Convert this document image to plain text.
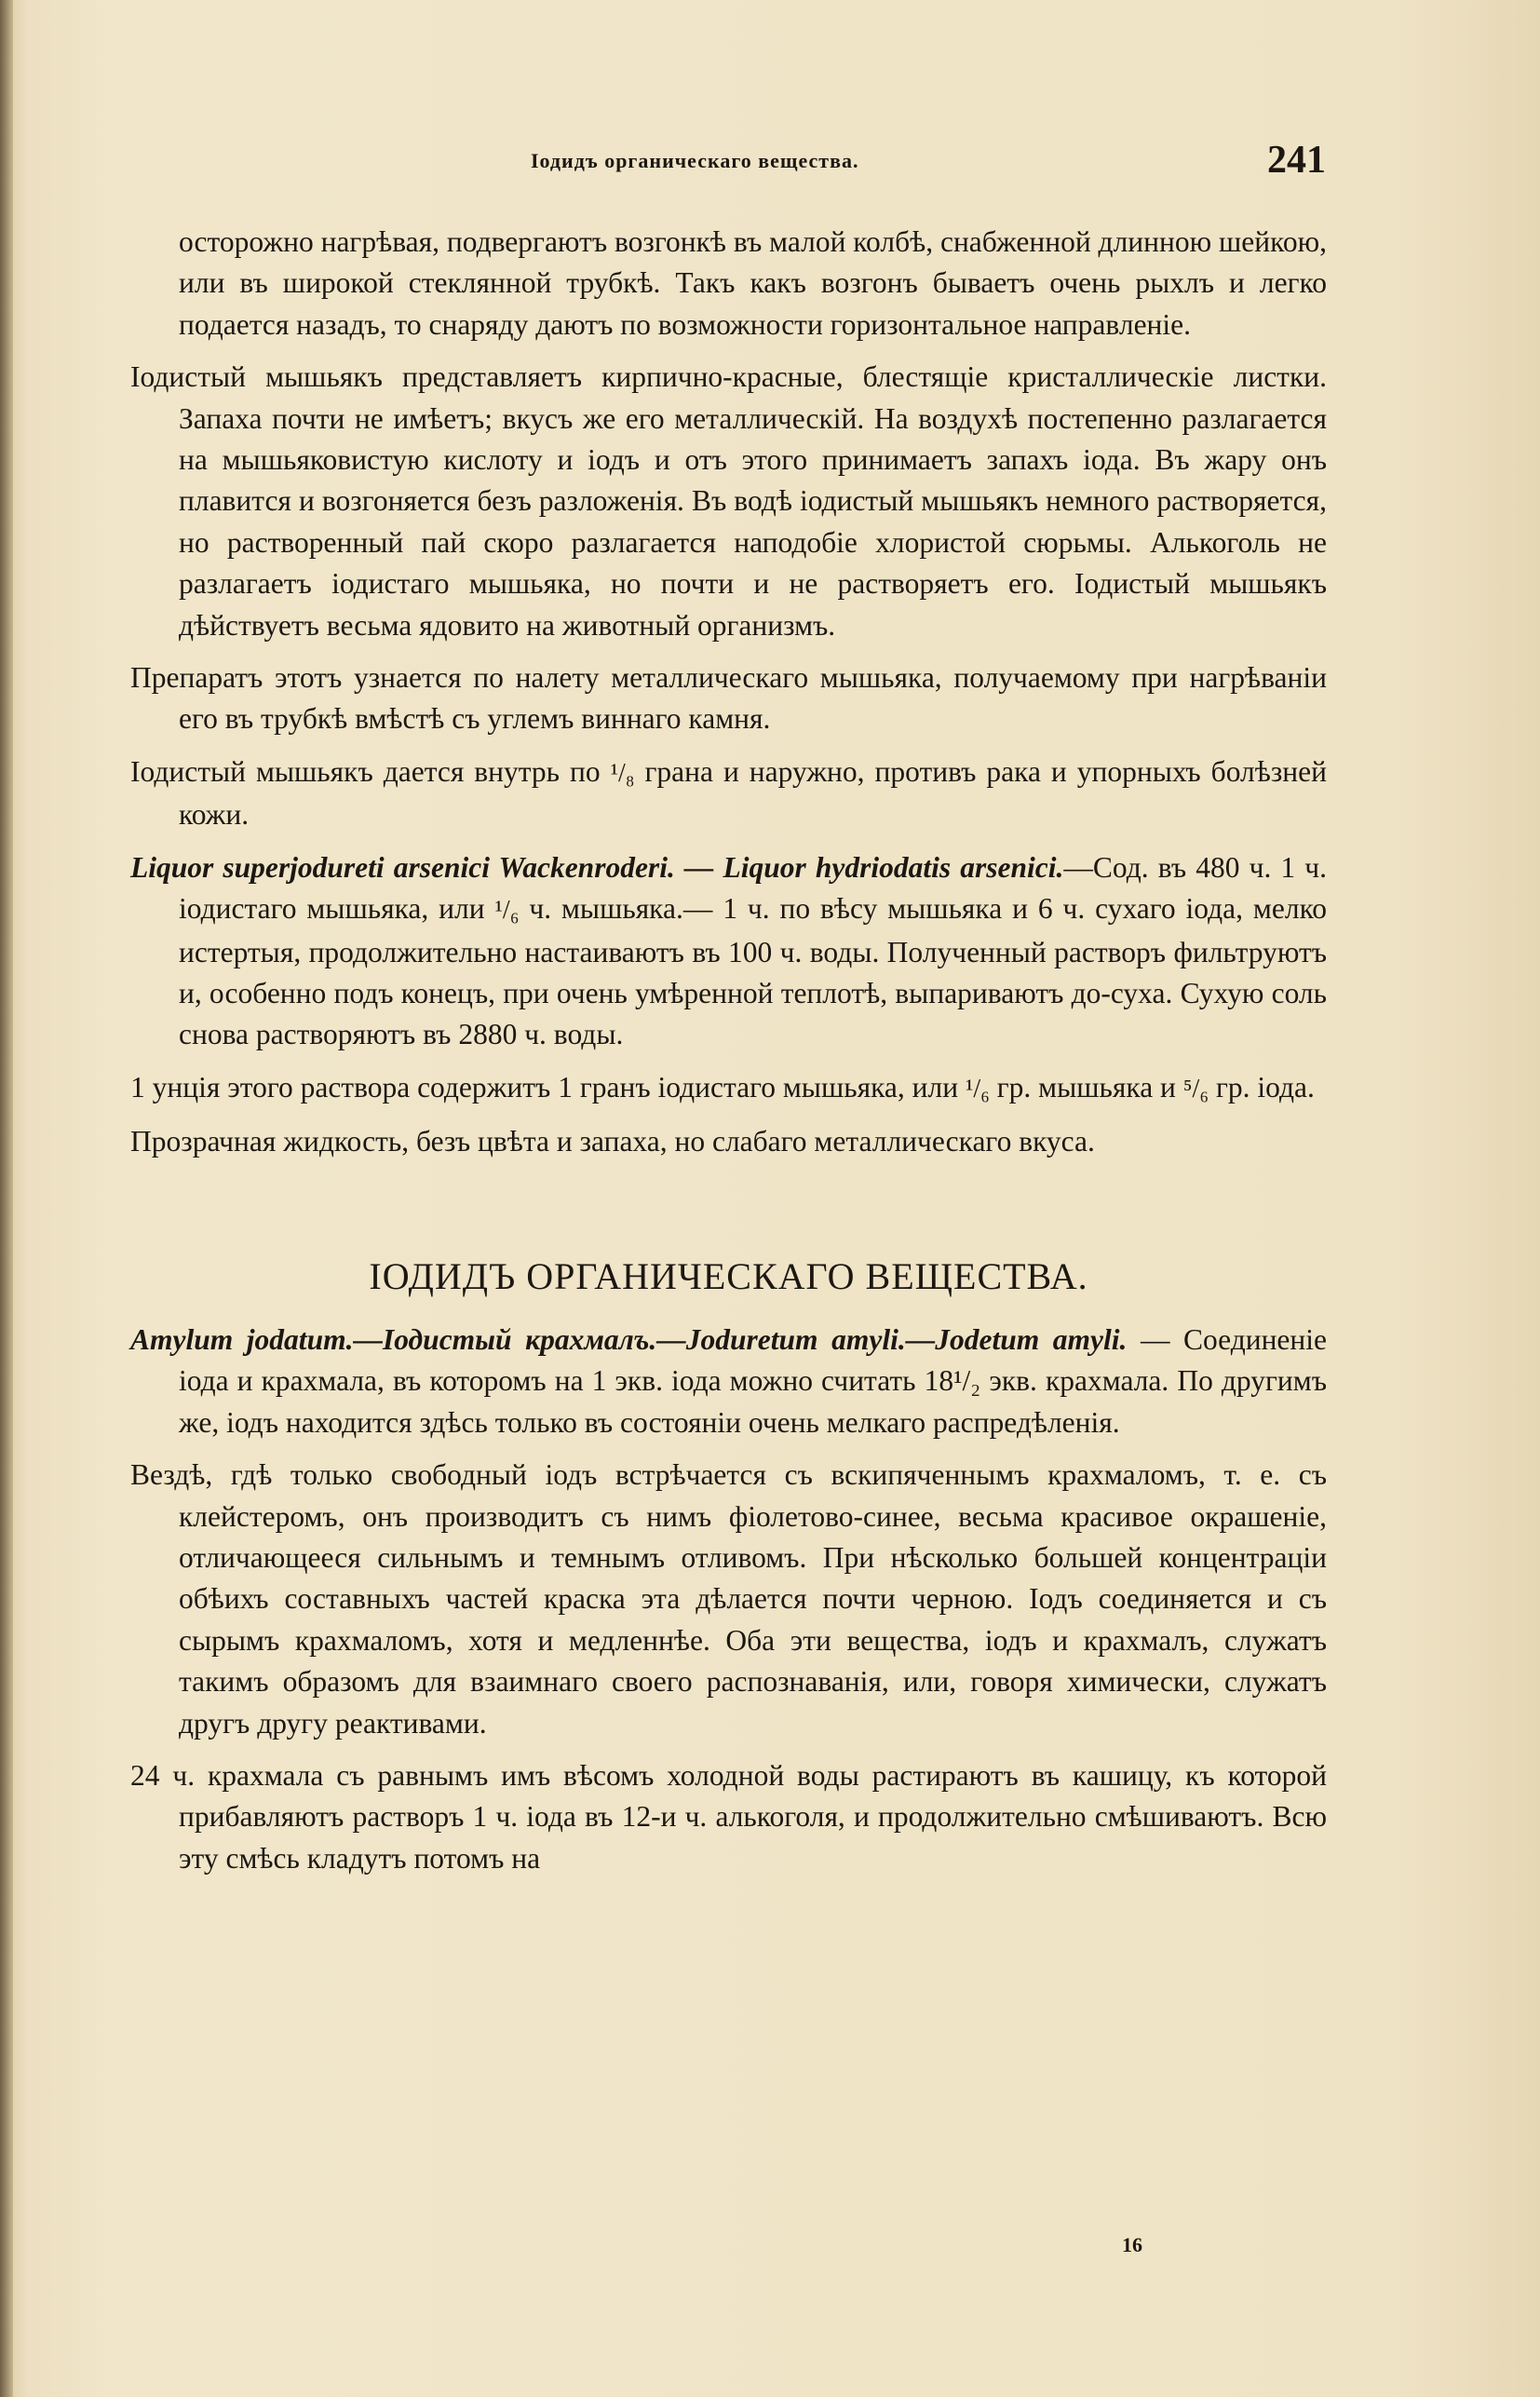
Іодидъ органическаго вещества.	241

осторожно нагрѣвая, подвергаютъ возгонкѣ въ малой колбѣ, снабженной длинною шейкою, или въ широкой стеклянной трубкѣ. Такъ какъ возгонъ бываетъ очень рыхлъ и легко подается назадъ, то снаряду даютъ по возможности горизонтальное направленіе.

Іодистый мышьякъ представляетъ кирпично-красные, блестящіе кристаллическіе листки. Запаха почти не имѣетъ; вкусъ же его металлическій. На воздухѣ постепенно разлагается на мышьяковистую кислоту и іодъ и отъ этого принимаетъ запахъ іода. Въ жару онъ плавится и возгоняется безъ разложенія. Въ водѣ іодистый мышьякъ немного растворяется, но растворенный пай скоро разлагается наподобіе хлористой сюрьмы. Алькоголь не разлагаетъ іодистаго мышьяка, но почти и не растворяетъ его. Іодистый мышьякъ дѣйствуетъ весьма ядовито на животный организмъ.

Препаратъ этотъ узнается по налету металлическаго мышьяка, получаемому при нагрѣваніи его въ трубкѣ вмѣстѣ съ углемъ виннаго камня.

Іодистый мышьякъ дается внутрь по ¹/₈ грана и наружно, противъ рака и упорныхъ болѣзней кожи.

Liquor superjodureti arsenici Wackenroderi. — Liquor hydriodatis arsenici.—Сод. въ 480 ч. 1 ч. іодистаго мышьяка, или ¹/₆ ч. мышьяка.— 1 ч. по вѣсу мышьяка и 6 ч. сухаго іода, мелко истертыя, продолжительно настаиваютъ въ 100 ч. воды. Полученный растворъ фильтруютъ и, особенно подъ конецъ, при очень умѣренной теплотѣ, выпариваютъ до-суха. Сухую соль снова растворяютъ въ 2880 ч. воды.

1 унція этого раствора содержитъ 1 гранъ іодистаго мышьяка, или ¹/₆ гр. мышьяка и ⁵/₆ гр. іода.

Прозрачная жидкость, безъ цвѣта и запаха, но слабаго металлическаго вкуса.

ІОДИДЪ ОРГАНИЧЕСКАГО ВЕЩЕСТВА.

Amylum jodatum.—Іодистый крахмалъ.—Joduretum amyli.—Jodetum amyli. — Соединеніе іода и крахмала, въ которомъ на 1 экв. іода можно считать 18¹/₂ экв. крахмала. По другимъ же, іодъ находится здѣсь только въ состояніи очень мелкаго распредѣленія.

Вездѣ, гдѣ только свободный іодъ встрѣчается съ вскипяченнымъ крахмаломъ, т. е. съ клейстеромъ, онъ производитъ съ нимъ фіолетово-синее, весьма красивое окрашеніе, отличающееся сильнымъ и темнымъ отливомъ. При нѣсколько большей концентраціи обѣихъ составныхъ частей краска эта дѣлается почти черною. Іодъ соединяется и съ сырымъ крахмаломъ, хотя и медленнѣе. Оба эти вещества, іодъ и крахмалъ, служатъ такимъ образомъ для взаимнаго своего распознаванія, или, говоря химически, служатъ другъ другу реактивами.

24 ч. крахмала съ равнымъ имъ вѣсомъ холодной воды растираютъ въ кашицу, къ которой прибавляютъ растворъ 1 ч. іода въ 12-и ч. алькоголя, и продолжительно смѣшиваютъ. Всю эту смѣсь кладутъ потомъ на

16
